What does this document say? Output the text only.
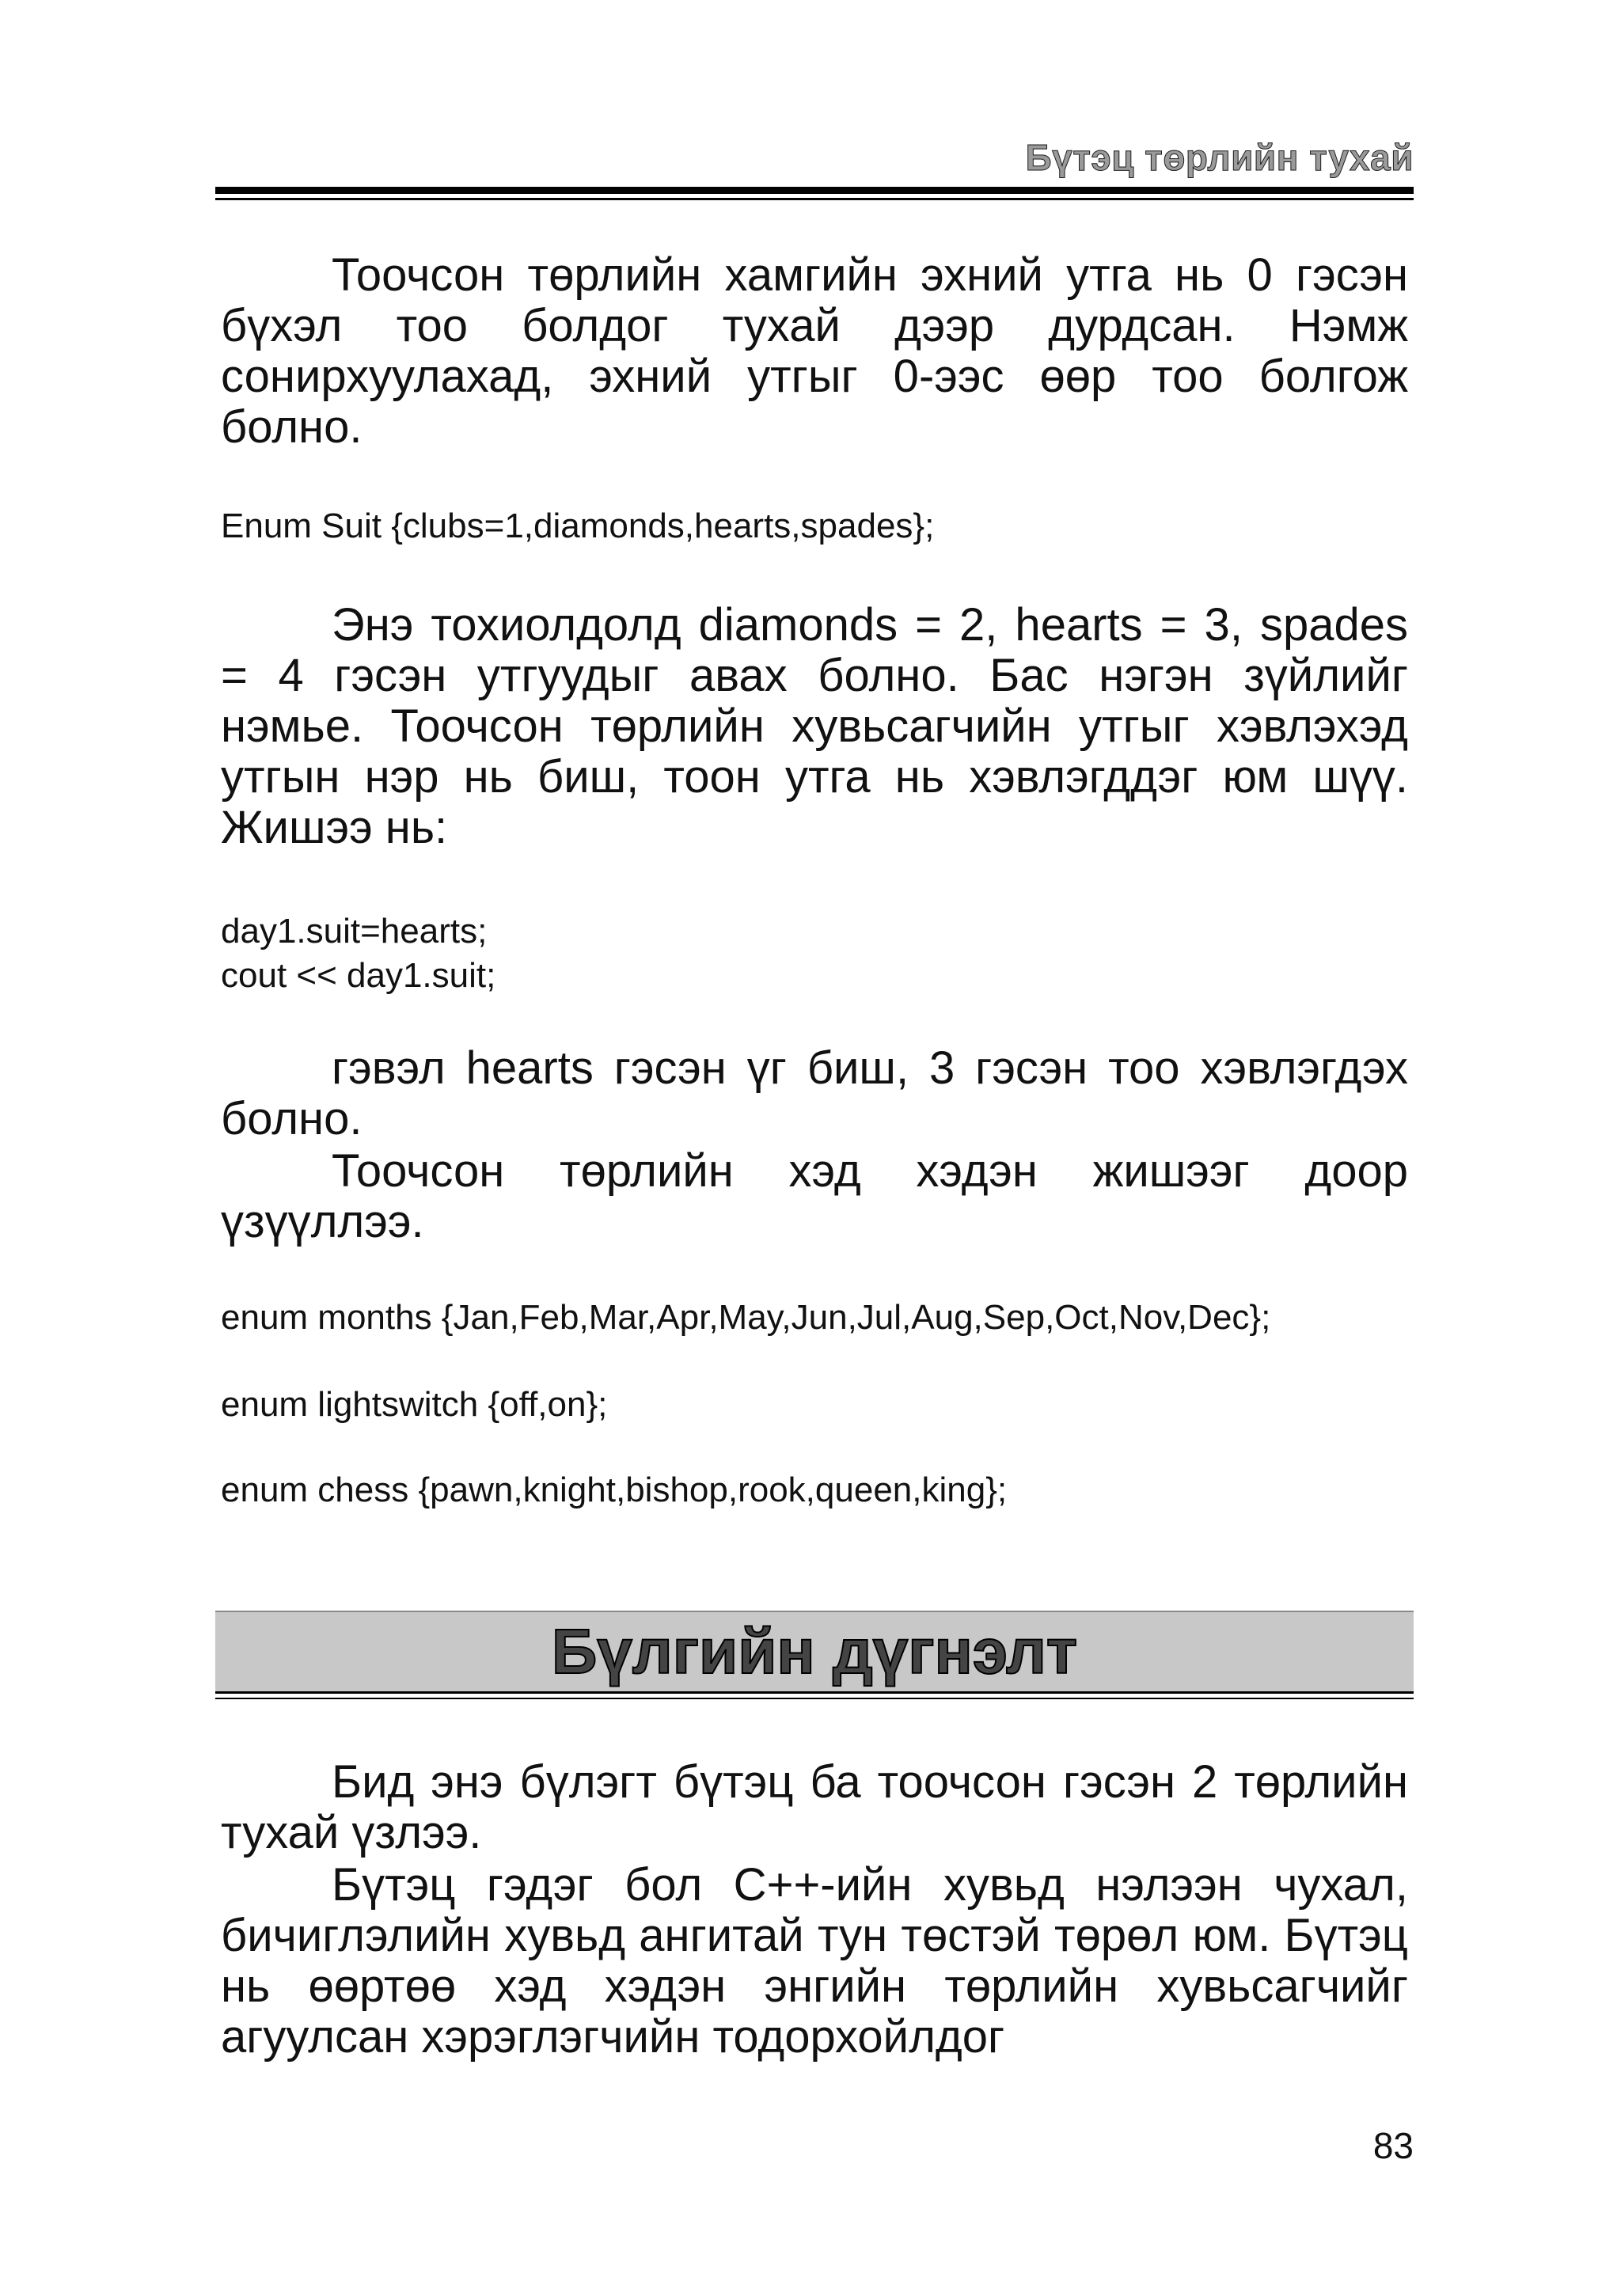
Бүтэц төрлийн тухай
Тоочсон төрлийн хамгийн эхний утга нь 0 гэсэн бүхэл тоо болдог тухай дээр дурдсан. Нэмж сонирхуулахад, эхний утгыг 0-ээс өөр тоо болгож болно.
Enum Suit {clubs=1,diamonds,hearts,spades};
Энэ тохиолдолд diamonds = 2, hearts = 3, spades = 4 гэсэн утгуудыг авах болно. Бас нэгэн зүйлийг нэмье. Тоочсон төрлийн хувьсагчийн утгыг хэвлэхэд утгын нэр нь биш, тоон утга нь хэвлэгддэг юм шүү. Жишээ нь:
day1.suit=hearts;
cout << day1.suit;
гэвэл hearts гэсэн үг биш, 3 гэсэн тоо хэвлэгдэх болно.
Тоочсон төрлийн хэд хэдэн жишээг доор үзүүллээ.
enum months {Jan,Feb,Mar,Apr,May,Jun,Jul,Aug,Sep,Oct,Nov,Dec};
enum lightswitch {off,on};
enum chess {pawn,knight,bishop,rook,queen,king};
Бүлгийн дүгнэлт
Бид энэ бүлэгт бүтэц ба тоочсон гэсэн 2 төрлийн тухай үзлээ.
Бүтэц гэдэг бол C++-ийн хувьд нэлээн чухал, бичиглэлийн хувьд ангитай тун төстэй төрөл юм. Бүтэц нь өөртөө хэд хэдэн энгийн төрлийн хувьсагчийг агуулсан хэрэглэгчийн тодорхойлдог
83
